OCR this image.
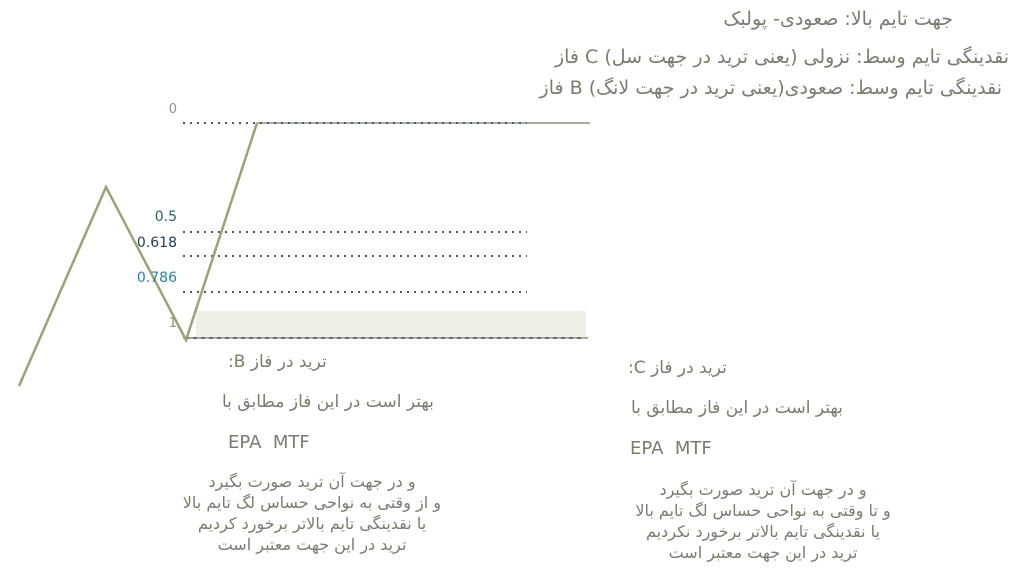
جهت تایم بالا: صعودی- پولبک
نقدینگی تایم وسط: نزولی (یعنی ترید در جهت سل) C فاز
نقدینگی تایم وسط: صعودی(یعنی ترید در جهت لانگ) B فاز
0
0.5
0.618
0.786
1
ترید در فاز B:
بهتر است در این فاز مطابق با
EPA  MTF
و در جهت آن ترید صورت بگیرد
و از وقتی به نواحی حساس لگ تایم بالا
یا نقدینگی تایم بالاتر برخورد کردیم
ترید در این جهت معتبر است
ترید در فاز C:
بهتر است در این فاز مطابق با
EPA  MTF
و در جهت آن ترید صورت بگیرد
و تا وقتی به نواحی حساس لگ تایم بالا
یا نقدینگی تایم بالاتر برخورد نکردیم
ترید در این جهت معتبر است
